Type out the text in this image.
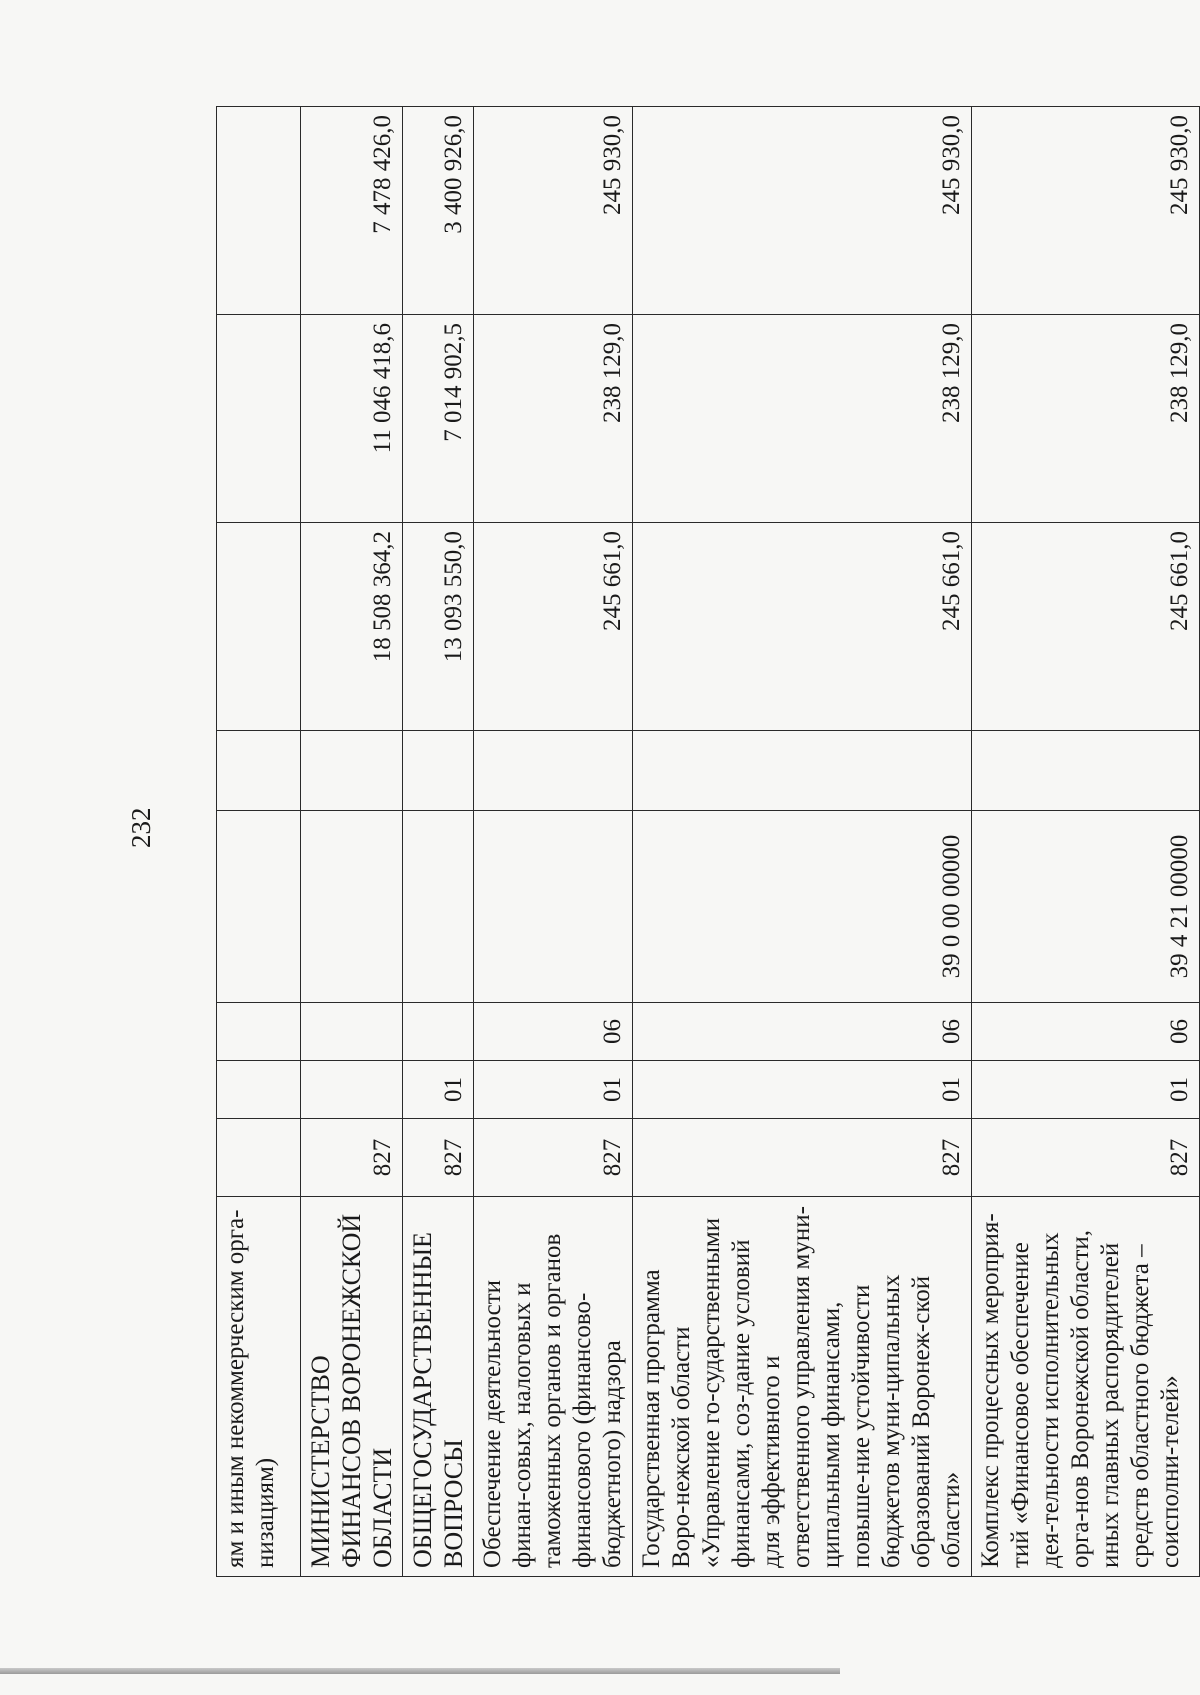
232
ям и иным некоммерческим орга-низациям)								
МИНИСТЕРСТВО ФИНАНСОВ ВОРОНЕЖСКОЙ ОБЛАСТИ	827					18 508 364,2	11 046 418,6	7 478 426,0
ОБЩЕГОСУДАРСТВЕННЫЕ ВОПРОСЫ	827	01				13 093 550,0	7 014 902,5	3 400 926,0
Обеспечение деятельности финан-совых, налоговых и таможенных органов и органов финансового (финансово-бюджетного) надзора	827	01	06			245 661,0	238 129,0	245 930,0
Государственная программа Воро-нежской области «Управление го-сударственными финансами, соз-дание условий для эффективного и ответственного управления муни-ципальными финансами, повыше-ние устойчивости бюджетов муни-ципальных образований Воронеж-ской области»	827	01	06	39 0 00 00000		245 661,0	238 129,0	245 930,0
Комплекс процессных мероприя-тий «Финансовое обеспечение дея-тельности исполнительных орга-нов Воронежской области, иных главных распорядителей средств областного бюджета – соисполни-телей»	827	01	06	39 4 21 00000		245 661,0	238 129,0	245 930,0
